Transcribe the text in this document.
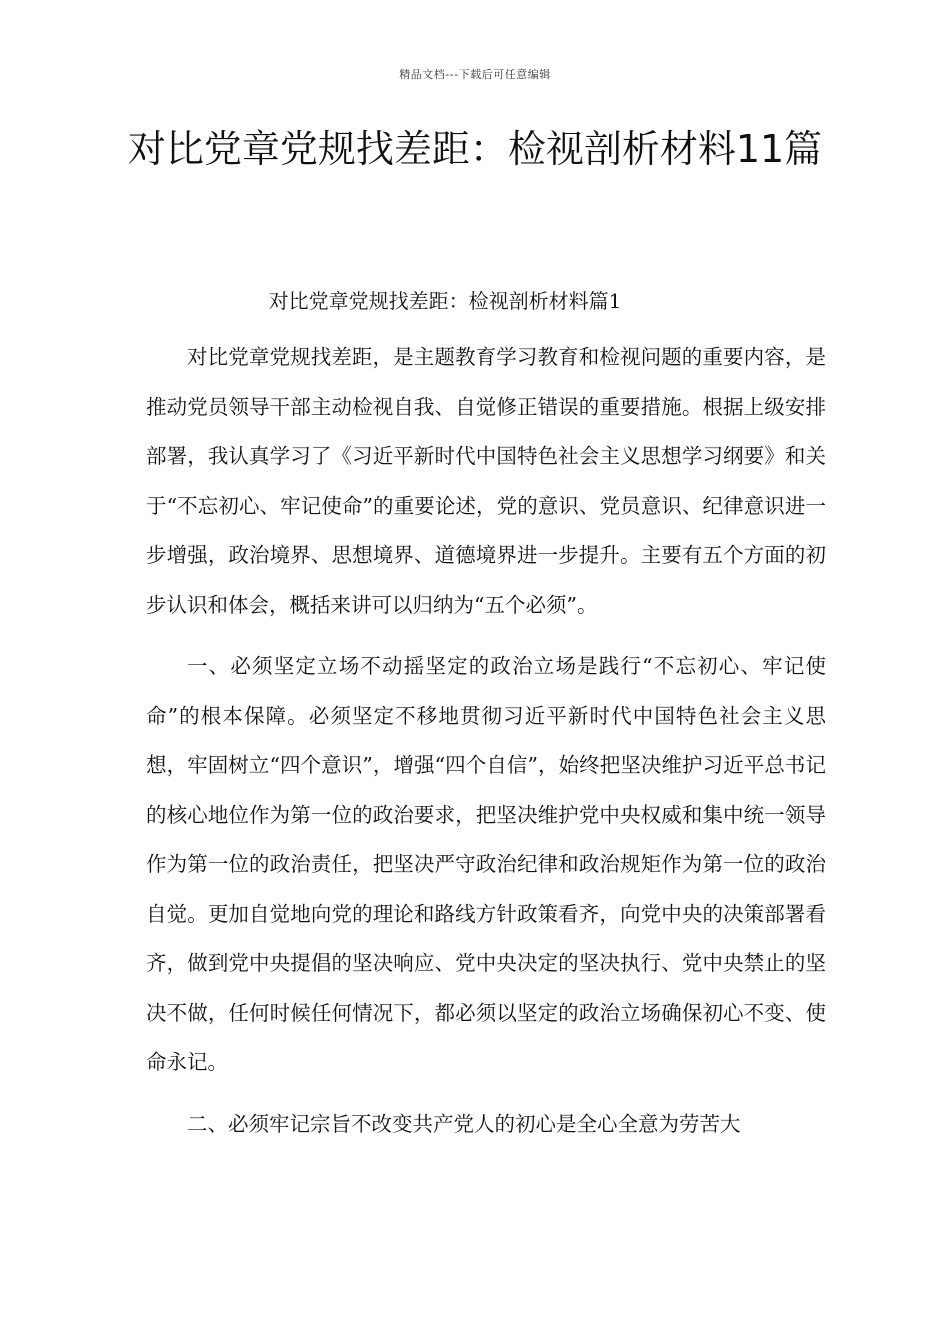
精品文档---下载后可任意编辑
对比党章党规找差距：检视剖析材料11篇
对比党章党规找差距：检视剖析材料篇1

对比党章党规找差距，是主题教育学习教育和检视问题的重要内容，是推动党员领导干部主动检视自我、自觉修正错误的重要措施。根据上级安排部署，我认真学习了《习近平新时代中国特色社会主义思想学习纲要》和关于“不忘初心、牢记使命”的重要论述，党的意识、党员意识、纪律意识进一步增强，政治境界、思想境界、道德境界进一步提升。主要有五个方面的初步认识和体会，概括来讲可以归纳为“五个必须”。

一、必须坚定立场不动摇坚定的政治立场是践行“不忘初心、牢记使命”的根本保障。必须坚定不移地贯彻习近平新时代中国特色社会主义思想，牢固树立“四个意识”，增强“四个自信”，始终把坚决维护习近平总书记的核心地位作为第一位的政治要求，把坚决维护党中央权威和集中统一领导作为第一位的政治责任，把坚决严守政治纪律和政治规矩作为第一位的政治自觉。更加自觉地向党的理论和路线方针政策看齐，向党中央的决策部署看齐，做到党中央提倡的坚决响应、党中央决定的坚决执行、党中央禁止的坚决不做，任何时候任何情况下，都必须以坚定的政治立场确保初心不变、使命永记。

二、必须牢记宗旨不改变共产党人的初心是全心全意为劳苦大
